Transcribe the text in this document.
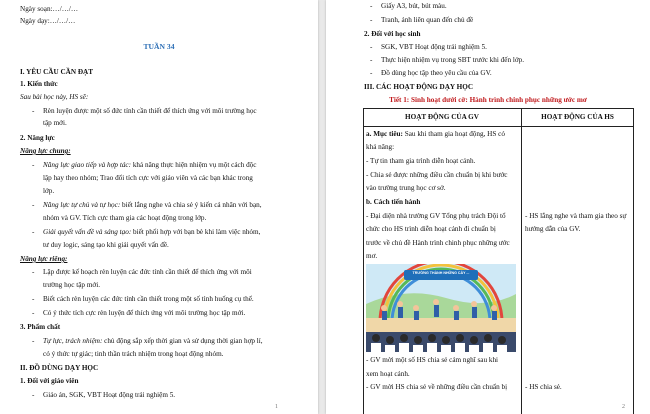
Ngày soạn:…/…/…
Ngày dạy:…/…/…
TUẦN 34
I. YÊU CẦU CẦN ĐẠT
1. Kiến thức
Sau bài học này, HS sẽ:
- Rèn luyện được một số đức tính cần thiết để thích ứng với môi trường học
tập mới.
2. Năng lực
Năng lực chung:
- Năng lực giao tiếp và hợp tác: khả năng thực hiện nhiệm vụ một cách độc
lập hay theo nhóm; Trao đổi tích cực với giáo viên và các bạn khác trong
lớp.
- Năng lực tự chủ và tự học: biết lắng nghe và chia sẻ ý kiến cá nhân với bạn,
nhóm và GV. Tích cực tham gia các hoạt động trong lớp.
- Giải quyết vấn đề và sáng tạo: biết phối hợp với bạn bè khi làm việc nhóm,
tư duy logic, sáng tạo khi giải quyết vấn đề.
Năng lực riêng:
- Lập được kế hoạch rèn luyện các đức tính cần thiết để thích ứng với môi
trường học tập mới.
- Biết cách rèn luyện các đức tính cần thiết trong một số tình huống cụ thể.
- Có ý thức tích cực rèn luyện để thích ứng với môi trường học tập mới.
3. Phẩm chất
- Tự lực, trách nhiệm: chủ động sắp xếp thời gian và sử dụng thời gian hợp lí,
có ý thức tự giác; tinh thần trách nhiệm trong hoạt động nhóm.
II. ĐỒ DÙNG DẠY HỌC
1. Đối với giáo viên
- Giáo án, SGK, VBT Hoạt động trải nghiệm 5.
1
- Giấy A3, bút, bút màu.
- Tranh, ảnh liên quan đến chủ đề
2. Đối với học sinh
- SGK, VBT Hoạt động trải nghiệm 5.
- Thực hiện nhiệm vụ trong SBT trước khi đến lớp.
- Đồ dùng học tập theo yêu cầu của GV.
III. CÁC HOẠT ĐỘNG DẠY HỌC
Tiết 1: Sinh hoạt dưới cờ: Hành trình chinh phục những ước mơ
HOẠT ĐỘNG CỦA GV	HOẠT ĐỘNG CỦA HS
a. Mục tiêu: Sau khi tham gia hoạt động, HS có
khả năng:
- Tự tin tham gia trình diễn hoạt cảnh.
- Chia sẻ được những điều cần chuẩn bị khi bước
vào trường trung học cơ sở.
b. Cách tiến hành
- Đại diện nhà trường GV Tổng phụ trách Đội tổ
chức cho HS trình diễn hoạt cảnh đi chuẩn bị
trước về chủ đề Hành trình chinh phục những ước
mơ.
- HS lắng nghe và tham gia theo sự
hướng dẫn của GV.
TRƯỜNG THÀNH NHỮNG CÂY ...
- GV mời một số HS chia sẻ cảm nghĩ sau khi
xem hoạt cảnh.
- GV mời HS chia sẻ về những điều cần chuẩn bị - HS chia sẻ.
2
